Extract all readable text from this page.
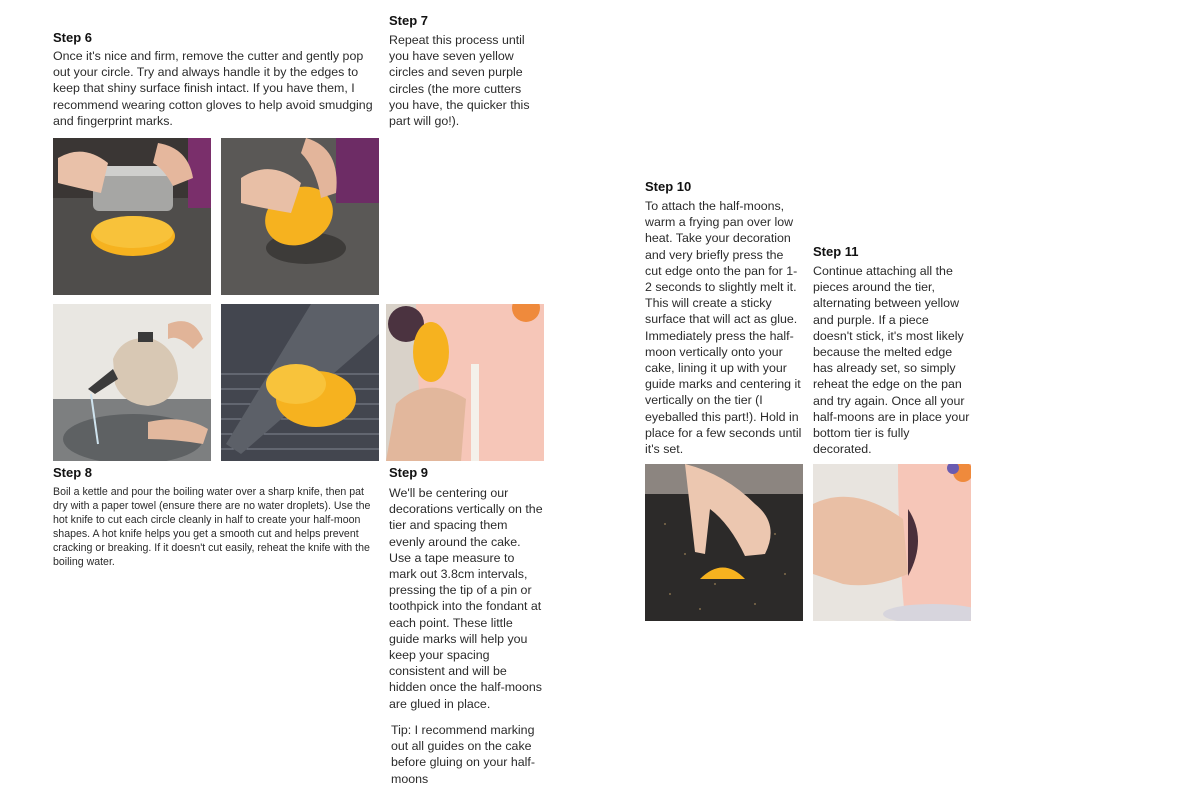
Step 6
Once it's nice and firm, remove the cutter and gently pop out your circle. Try and always handle it by the edges to keep that shiny surface finish intact. If you have them, I recommend wearing cotton gloves to help avoid smudging and fingerprint marks.
Step 7
Repeat this process until you have seven yellow circles and seven purple circles (the more cutters you have, the quicker this part will go!).
Step 8
Boil a kettle and pour the boiling water over a sharp knife, then pat dry with a paper towel (ensure there are no water droplets). Use the hot knife to cut each circle cleanly in half to create your half-moon shapes. A hot knife helps you get a smooth cut and helps prevent cracking or breaking. If it doesn't cut easily, reheat the knife with the boiling water.
Step 9
We'll be centering our decorations vertically on the tier and spacing them evenly around the cake. Use a tape measure to mark out 3.8cm intervals, pressing the tip of a pin or toothpick into the fondant at each point. These little guide marks will help you keep your spacing consistent and will be hidden once the half-moons are glued in place.
Tip: I recommend marking out all guides on the cake before gluing on your half-moons
Step 10
To attach the half-moons, warm a frying pan over low heat. Take your decoration and very briefly press the cut edge onto the pan for 1-2 seconds to slightly melt it. This will create a sticky surface that will act as glue. Immediately press the half-moon vertically onto your cake, lining it up with your guide marks and centering it vertically on the tier (I eyeballed this part!). Hold in place for a few seconds until it's set.
Step 11
Continue attaching all the pieces around the tier, alternating between yellow and purple. If a piece doesn't stick, it's most likely because the melted edge has already set, so simply reheat the edge on the pan and try again. Once all your half-moons are in place your bottom tier is fully decorated.
